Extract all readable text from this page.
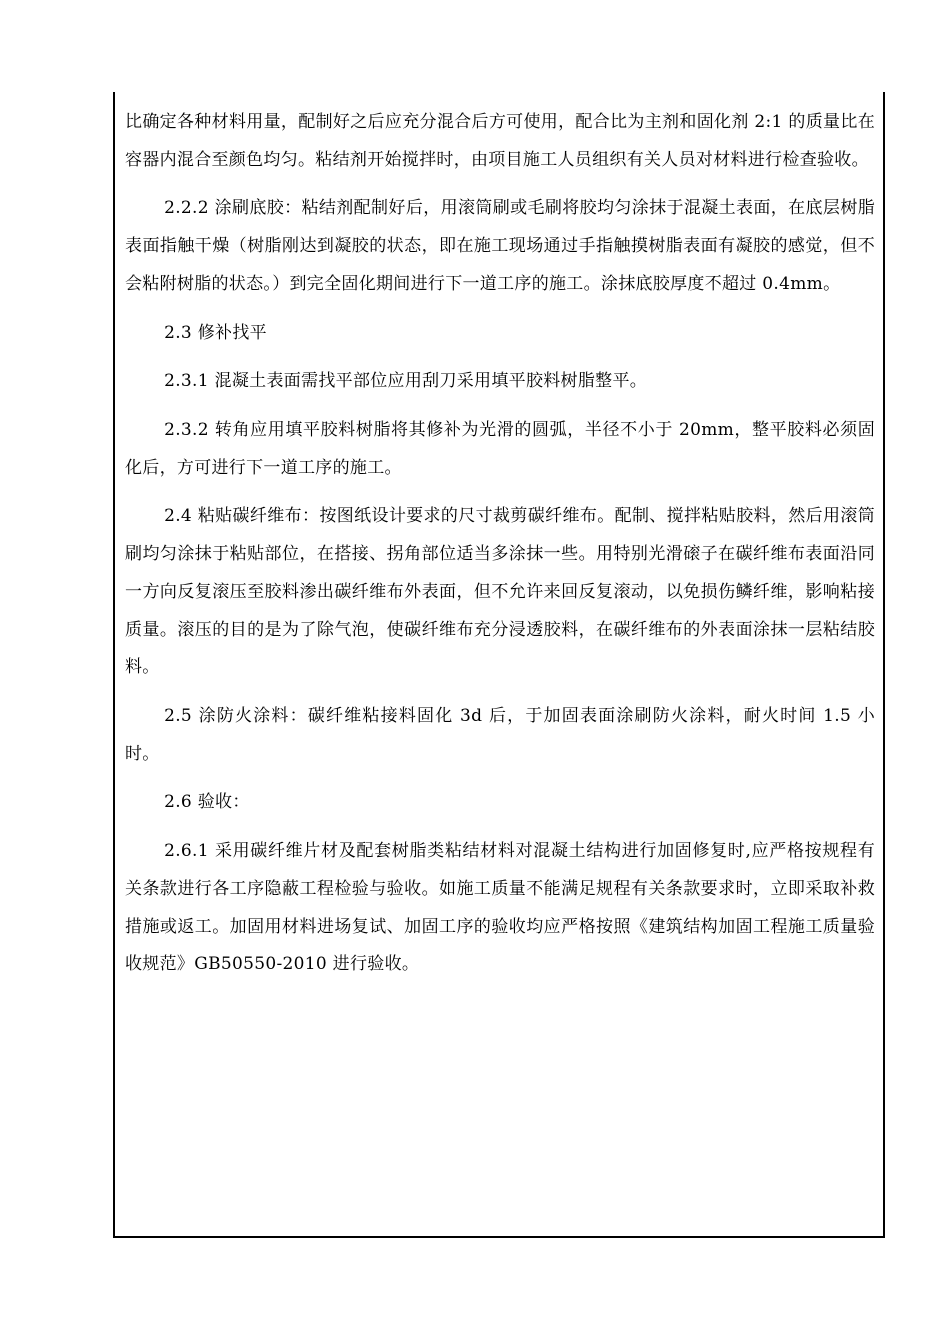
比确定各种材料用量，配制好之后应充分混合后方可使用，配合比为主剂和固化剂 2:1 的质量比在容器内混合至颜色均匀。粘结剂开始搅拌时，由项目施工人员组织有关人员对材料进行检查验收。

2.2.2 涂刷底胶：粘结剂配制好后，用滚筒刷或毛刷将胶均匀涂抹于混凝土表面，在底层树脂表面指触干燥（树脂刚达到凝胶的状态，即在施工现场通过手指触摸树脂表面有凝胶的感觉，但不会粘附树脂的状态。）到完全固化期间进行下一道工序的施工。涂抹底胶厚度不超过 0.4mm。

2.3 修补找平

2.3.1 混凝土表面需找平部位应用刮刀采用填平胶料树脂整平。

2.3.2 转角应用填平胶料树脂将其修补为光滑的圆弧，半径不小于 20mm，整平胶料必须固化后，方可进行下一道工序的施工。

2.4 粘贴碳纤维布：按图纸设计要求的尺寸裁剪碳纤维布。配制、搅拌粘贴胶料，然后用滚筒刷均匀涂抹于粘贴部位，在搭接、拐角部位适当多涂抹一些。用特别光滑磙子在碳纤维布表面沿同一方向反复滚压至胶料渗出碳纤维布外表面，但不允许来回反复滚动，以免损伤鳞纤维，影响粘接质量。滚压的目的是为了除气泡，使碳纤维布充分浸透胶料，在碳纤维布的外表面涂抹一层粘结胶料。

2.5 涂防火涂料：碳纤维粘接料固化 3d 后，于加固表面涂刷防火涂料，耐火时间 1.5 小时。

2.6 验收：

2.6.1 采用碳纤维片材及配套树脂类粘结材料对混凝土结构进行加固修复时,应严格按规程有关条款进行各工序隐蔽工程检验与验收。如施工质量不能满足规程有关条款要求时，立即采取补救措施或返工。加固用材料进场复试、加固工序的验收均应严格按照《建筑结构加固工程施工质量验收规范》GB50550-2010 进行验收。
